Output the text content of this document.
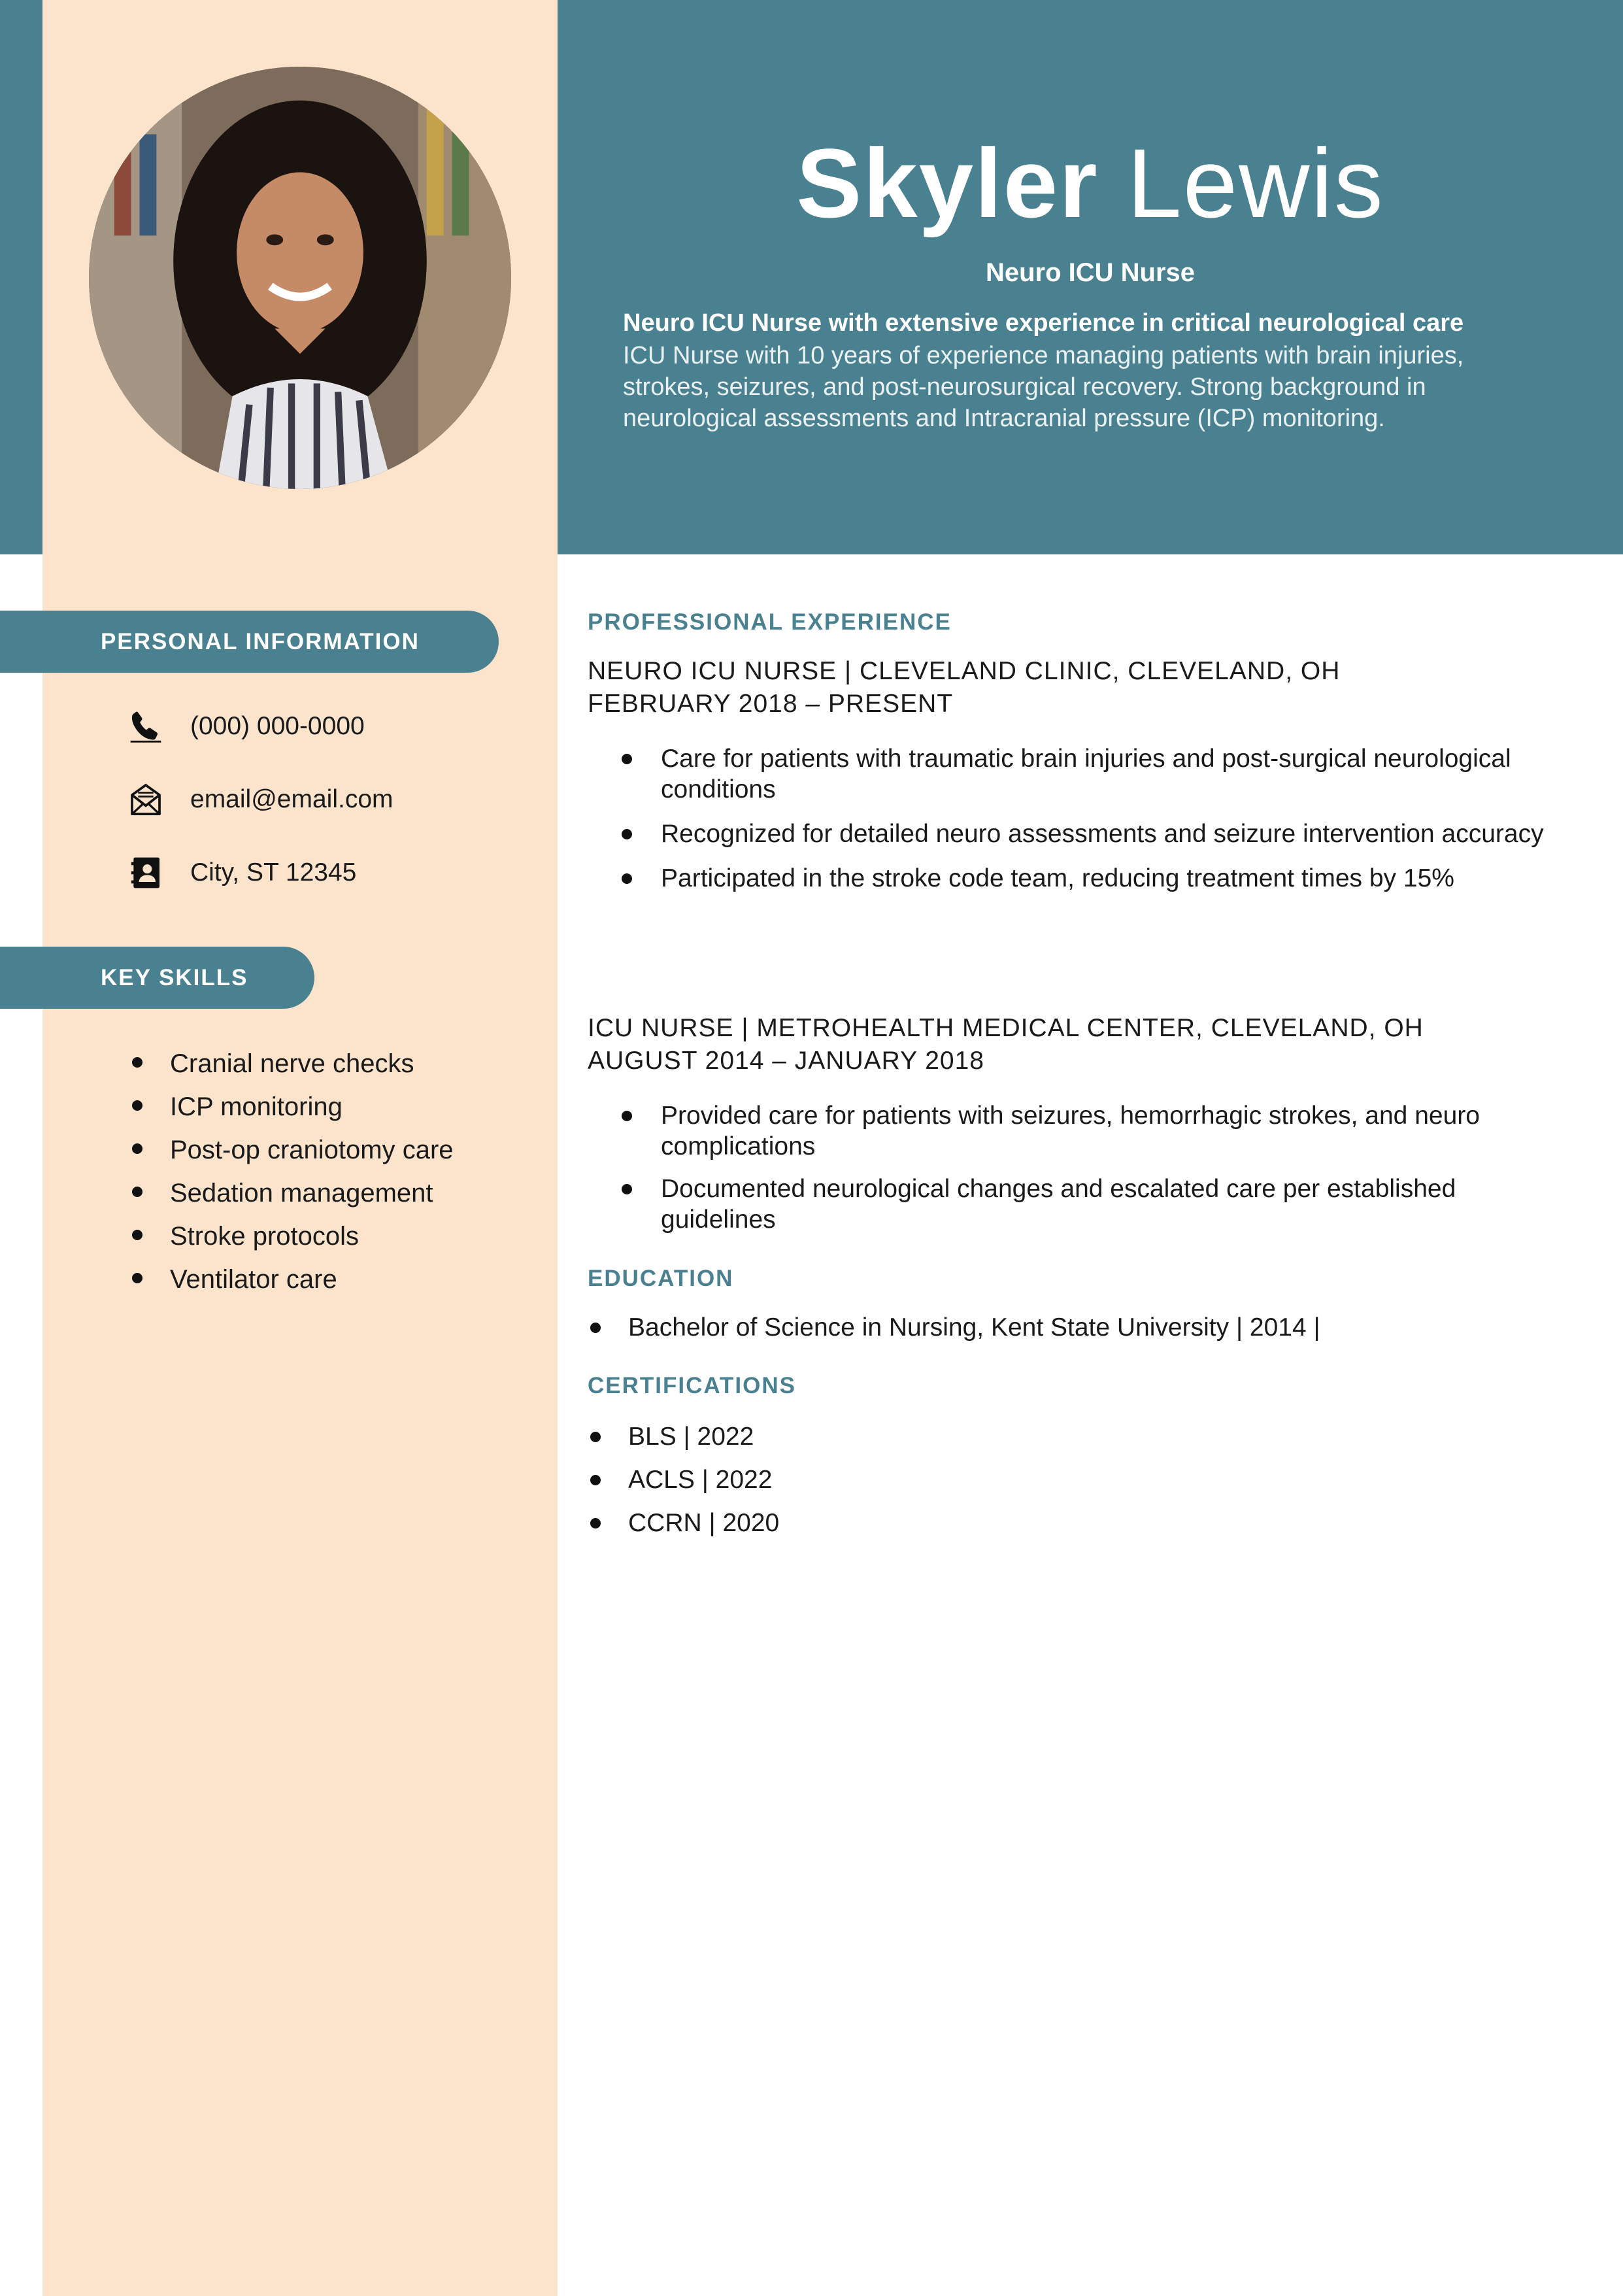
Skyler Lewis
Neuro ICU Nurse

Neuro ICU Nurse with extensive experience in critical neurological care

ICU Nurse with 10 years of experience managing patients with brain injuries, strokes, seizures, and post-neurosurgical recovery. Strong background in neurological assessments and Intracranial pressure (ICP) monitoring.

PERSONAL INFORMATION
(000) 000-0000
email@email.com
City, ST 12345
KEY SKILLS
Cranial nerve checks
ICP monitoring
Post-op craniotomy care
Sedation management
Stroke protocols
Ventilator care
PROFESSIONAL EXPERIENCE
NEURO ICU NURSE | CLEVELAND CLINIC, CLEVELAND, OH
FEBRUARY 2018 – PRESENT
Care for patients with traumatic brain injuries and post-surgical neurological conditions
Recognized for detailed neuro assessments and seizure intervention accuracy
Participated in the stroke code team, reducing treatment times by 15%
ICU NURSE | METROHEALTH MEDICAL CENTER, CLEVELAND, OH
AUGUST 2014 – JANUARY 2018
Provided care for patients with seizures, hemorrhagic strokes, and neuro complications
Documented neurological changes and escalated care per established guidelines
EDUCATION
Bachelor of Science in Nursing, Kent State University | 2014 |
CERTIFICATIONS
BLS | 2022
ACLS | 2022
CCRN | 2020
